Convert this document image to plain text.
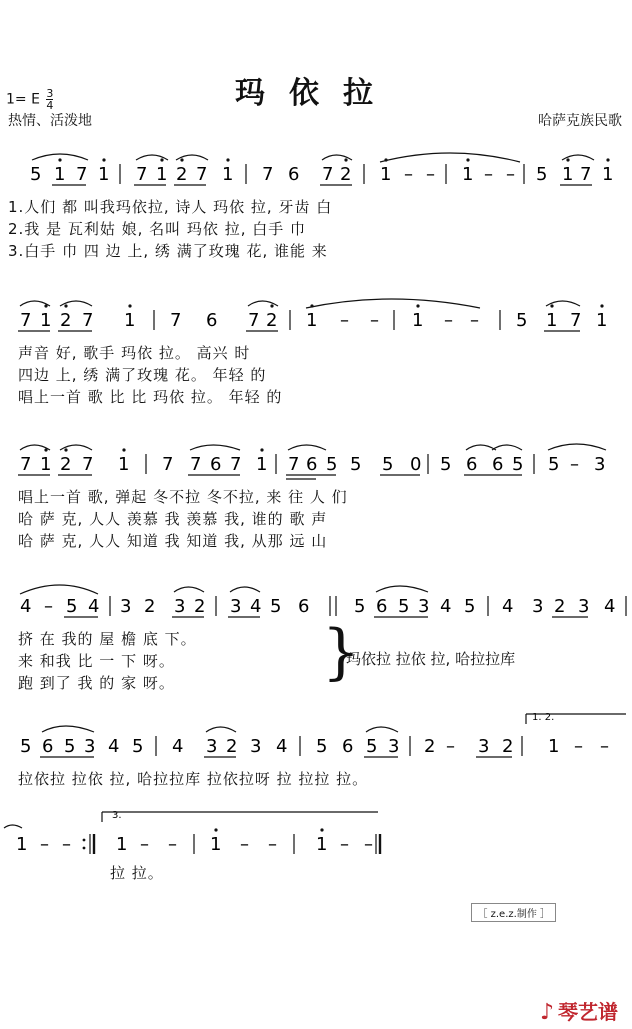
1= E $\frac{3}{4}$	玛依拉
热情、活泼地	哈萨克族民歌
5 1 7 1 7 1 2 7 1 7 6 7 2 1 – – 1 – – 5 1 7 1
1.人们 都 叫我玛依拉, 诗人 玛依 拉, 牙齿 白
2.我 是 瓦利姑 娘, 名叫 玛依 拉, 白手 巾
3.白手 巾 四 边 上, 绣 满了玫瑰 花, 谁能 来
7 1 2 7 1 7 6 7 2 1 – – 1 – – 5 1 7 1
声音 好, 歌手 玛依 拉。 高兴 时
四边 上, 绣 满了玫瑰 花。 年轻 的
唱上一首 歌 比 比 玛依 拉。 年轻 的
7 1 2 7 1 7 7 6 7 1 7 6 5 5 5 0 5 6 6 5 5 – 3
唱上一首 歌, 弹起 冬不拉 冬不拉, 来 往 人 们
哈 萨 克, 人人 羡慕 我 羡慕 我, 谁的 歌 声
哈 萨 克, 人人 知道 我 知道 我, 从那 远 山
4 – 5 4 3 2 3 2 3 4 5 6 5 6 5 3 4 5 4 3 2 3 4
挤 在 我的 屋 檐 底 下。
来 和我 比 一 下 呀。
跑 到了 我 的 家 呀。 }
玛依拉 拉依 拉, 哈拉拉库
5 6 5 3 4 5 4 3 2 3 4 5 6 5 3 2 – 3 2 1 – –
1. 2.
拉依拉 拉依 拉, 哈拉拉库 拉依拉呀 拉 拉拉 拉。
1 – –	1 – – 1 – – 1 – –
3.
拉 拉。
［ z.e.z.制作 ］
♪ 琴艺谱
